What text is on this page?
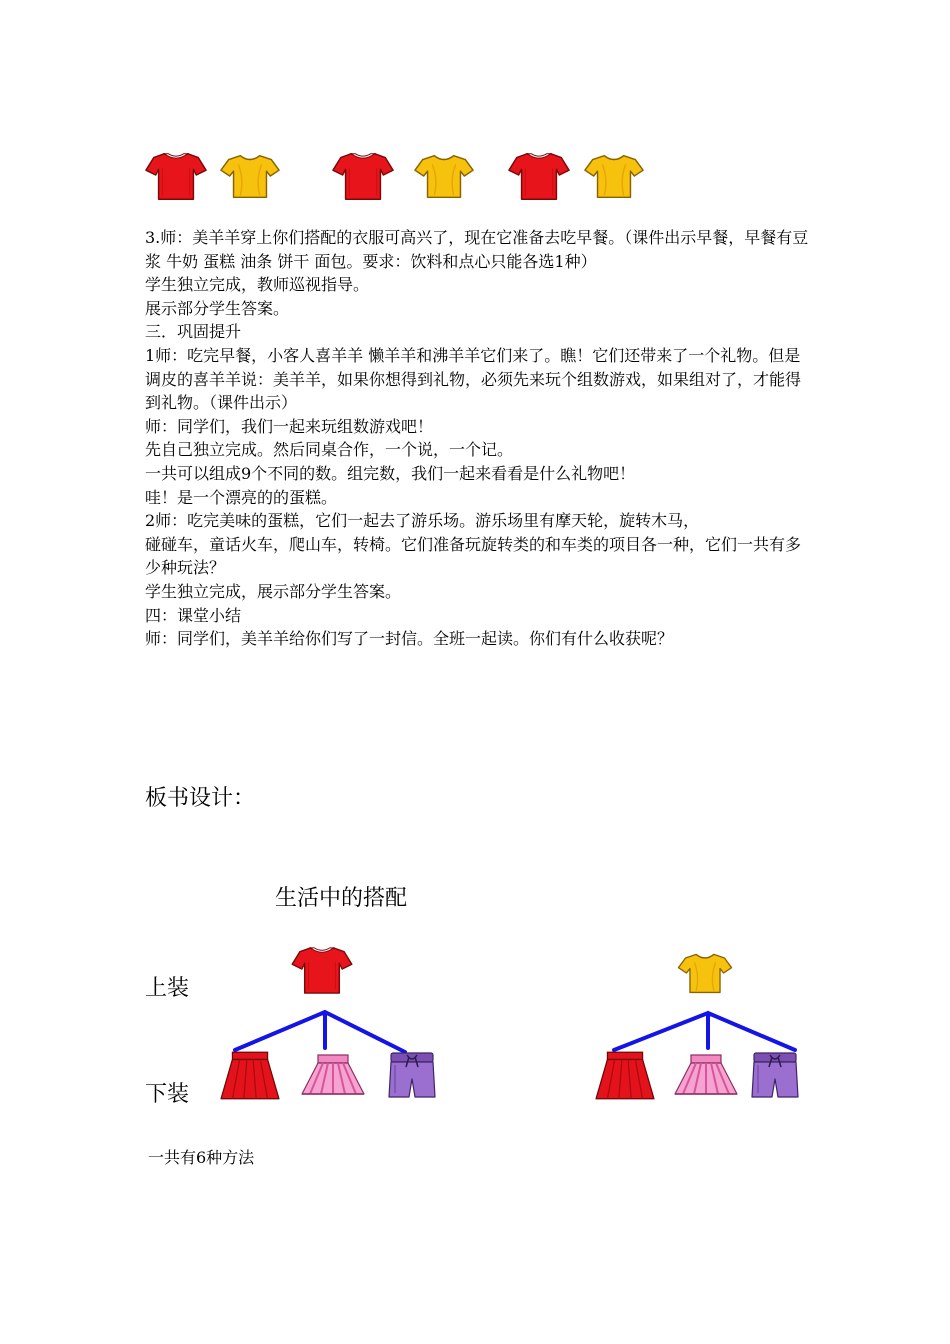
3.师：美羊羊穿上你们搭配的衣服可高兴了，现在它准备去吃早餐。（课件出示早餐，早餐有豆浆 牛奶 蛋糕 油条 饼干 面包。要求：饮料和点心只能各选1种）

学生独立完成，教师巡视指导。

展示部分学生答案。

三．巩固提升

1师：吃完早餐，小客人喜羊羊 懒羊羊和沸羊羊它们来了。瞧！它们还带来了一个礼物。但是调皮的喜羊羊说：美羊羊，如果你想得到礼物，必须先来玩个组数游戏，如果组对了，才能得到礼物。（课件出示）

师：同学们，我们一起来玩组数游戏吧！

先自己独立完成。然后同桌合作，一个说，一个记。

一共可以组成9个不同的数。组完数，我们一起来看看是什么礼物吧！

哇！是一个漂亮的的蛋糕。

2师：吃完美味的蛋糕，它们一起去了游乐场。游乐场里有摩天轮，旋转木马，

碰碰车，童话火车，爬山车，转椅。它们准备玩旋转类的和车类的项目各一种，它们一共有多少种玩法？

学生独立完成，展示部分学生答案。

四：课堂小结

师：同学们，美羊羊给你们写了一封信。全班一起读。你们有什么收获呢？

板书设计：
生活中的搭配
上装
下装
一共有6种方法
